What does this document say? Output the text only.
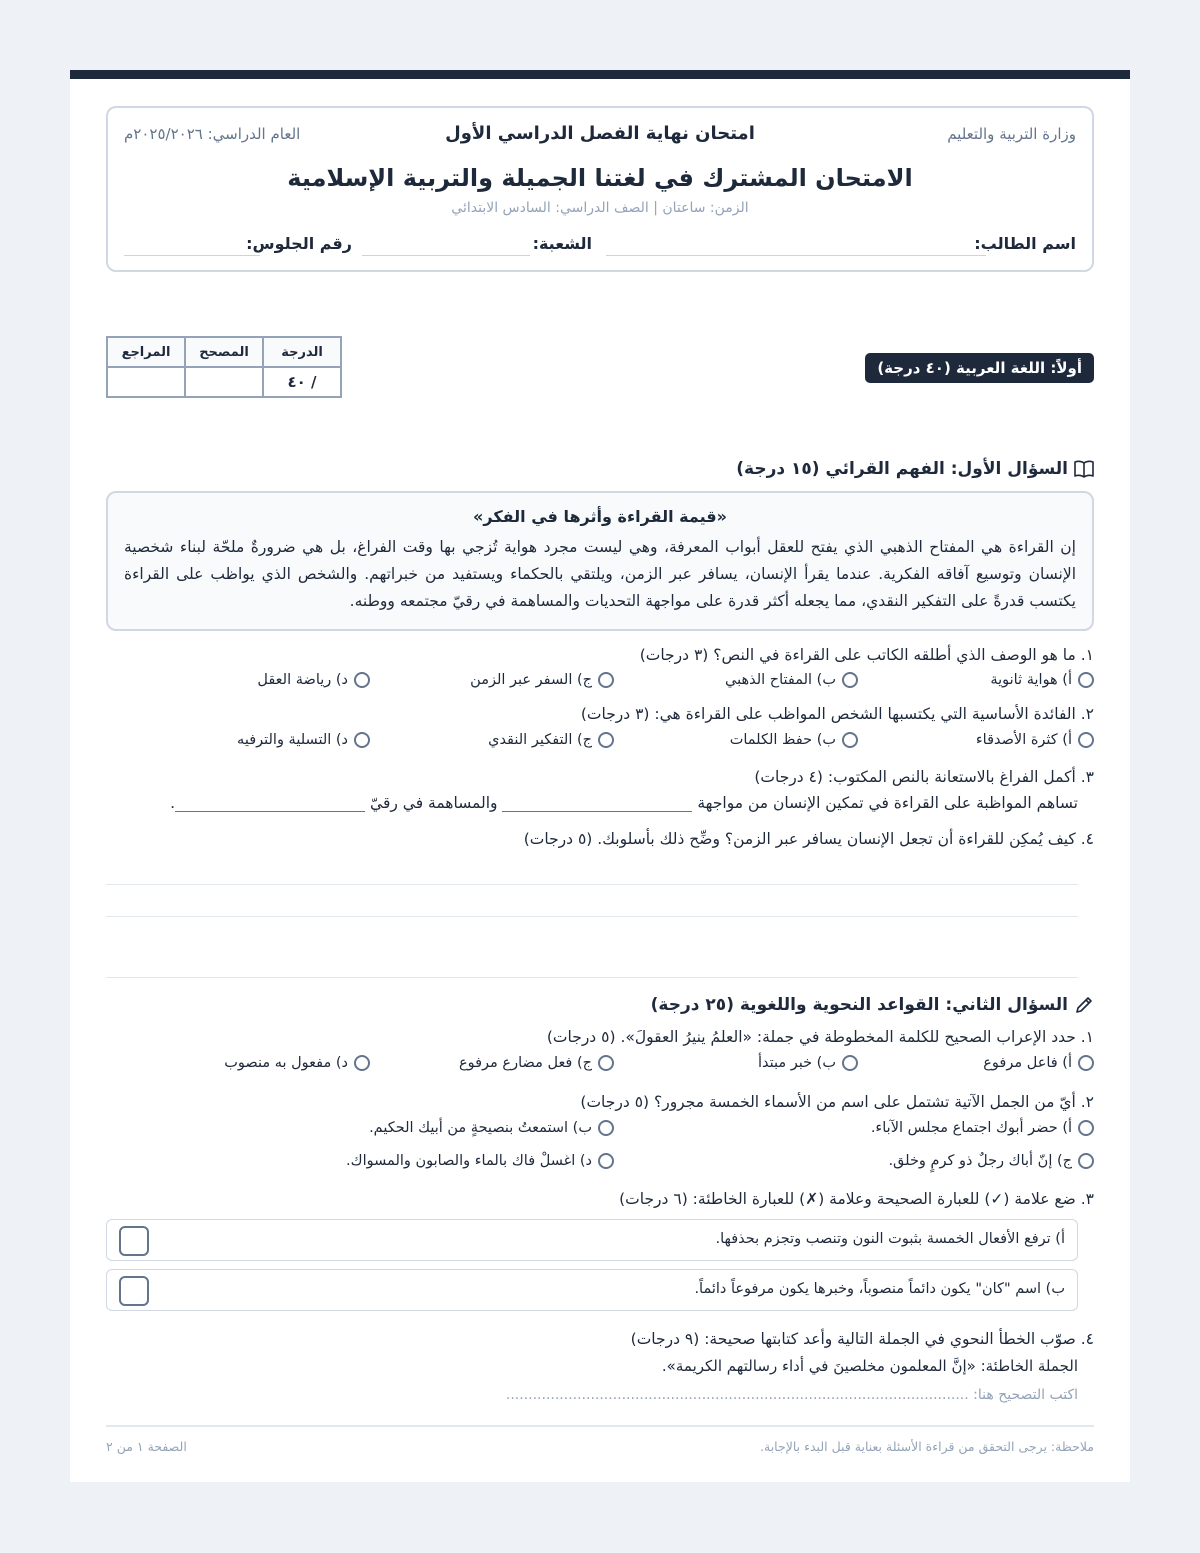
وزارة التربية والتعليم
امتحان نهاية الفصل الدراسي الأول
العام الدراسي: ٢٠٢٥/٢٠٢٦م
الامتحان المشترك في لغتنا الجميلة والتربية الإسلامية
الزمن: ساعتان | الصف الدراسي: السادس الابتدائي
اسم الطالب:
الشعبة:
رقم الجلوس:
أولاً: اللغة العربية (٤٠ درجة)
الدرجة	المصحح	المراجع
/ ٤٠		
السؤال الأول: الفهم القرائي (١٥ درجة)
«قيمة القراءة وأثرها في الفكر»
إن القراءة هي المفتاح الذهبي الذي يفتح للعقل أبواب المعرفة، وهي ليست مجرد هواية تُزجي بها وقت الفراغ، بل هي ضرورةٌ ملحّة لبناء شخصية الإنسان وتوسيع آفاقه الفكرية. عندما يقرأ الإنسان، يسافر عبر الزمن، ويلتقي بالحكماء ويستفيد من خبراتهم. والشخص الذي يواظب على القراءة يكتسب قدرةً على التفكير النقدي، مما يجعله أكثر قدرة على مواجهة التحديات والمساهمة في رقيّ مجتمعه ووطنه.
١. ما هو الوصف الذي أطلقه الكاتب على القراءة في النص؟ (٣ درجات)
أ) هواية ثانوية
ب) المفتاح الذهبي
ج) السفر عبر الزمن
د) رياضة العقل
٢. الفائدة الأساسية التي يكتسبها الشخص المواظب على القراءة هي: (٣ درجات)
أ) كثرة الأصدقاء
ب) حفظ الكلمات
ج) التفكير النقدي
د) التسلية والترفيه
٣. أكمل الفراغ بالاستعانة بالنص المكتوب: (٤ درجات)
تساهم المواظبة على القراءة في تمكين الإنسان من مواجهة  والمساهمة في رقيّ .
٤. كيف يُمكِن للقراءة أن تجعل الإنسان يسافر عبر الزمن؟ وضِّح ذلك بأسلوبك. (٥ درجات)
السؤال الثاني: القواعد النحوية واللغوية (٢٥ درجة)
١. حدد الإعراب الصحيح للكلمة المخطوطة في جملة: «العلمُ ينيرُ العقولَ». (٥ درجات)
أ) فاعل مرفوع
ب) خبر مبتدأ
ج) فعل مضارع مرفوع
د) مفعول به منصوب
٢. أيّ من الجمل الآتية تشتمل على اسم من الأسماء الخمسة مجرور؟ (٥ درجات)
أ) حضر أبوك اجتماع مجلس الآباء.
ب) استمعتُ بنصيحةٍ من أبيك الحكيم.
ج) إنّ أباك رجلٌ ذو كرمٍ وخلق.
د) اغسلْ فاك بالماء والصابون والمسواك.
٣. ضع علامة (✓) للعبارة الصحيحة وعلامة (✗) للعبارة الخاطئة: (٦ درجات)
أ) ترفع الأفعال الخمسة بثبوت النون وتنصب وتجزم بحذفها.
ب) اسم "كان" يكون دائماً منصوباً، وخبرها يكون مرفوعاً دائماً.
٤. صوّب الخطأ النحوي في الجملة التالية وأعد كتابتها صحيحة: (٩ درجات)
الجملة الخاطئة: «إنَّ المعلمون مخلصينَ في أداء رسالتهم الكريمة».
اكتب التصحيح هنا: ........................................................................................................
ملاحظة: يرجى التحقق من قراءة الأسئلة بعناية قبل البدء بالإجابة.
الصفحة ١ من ٢
